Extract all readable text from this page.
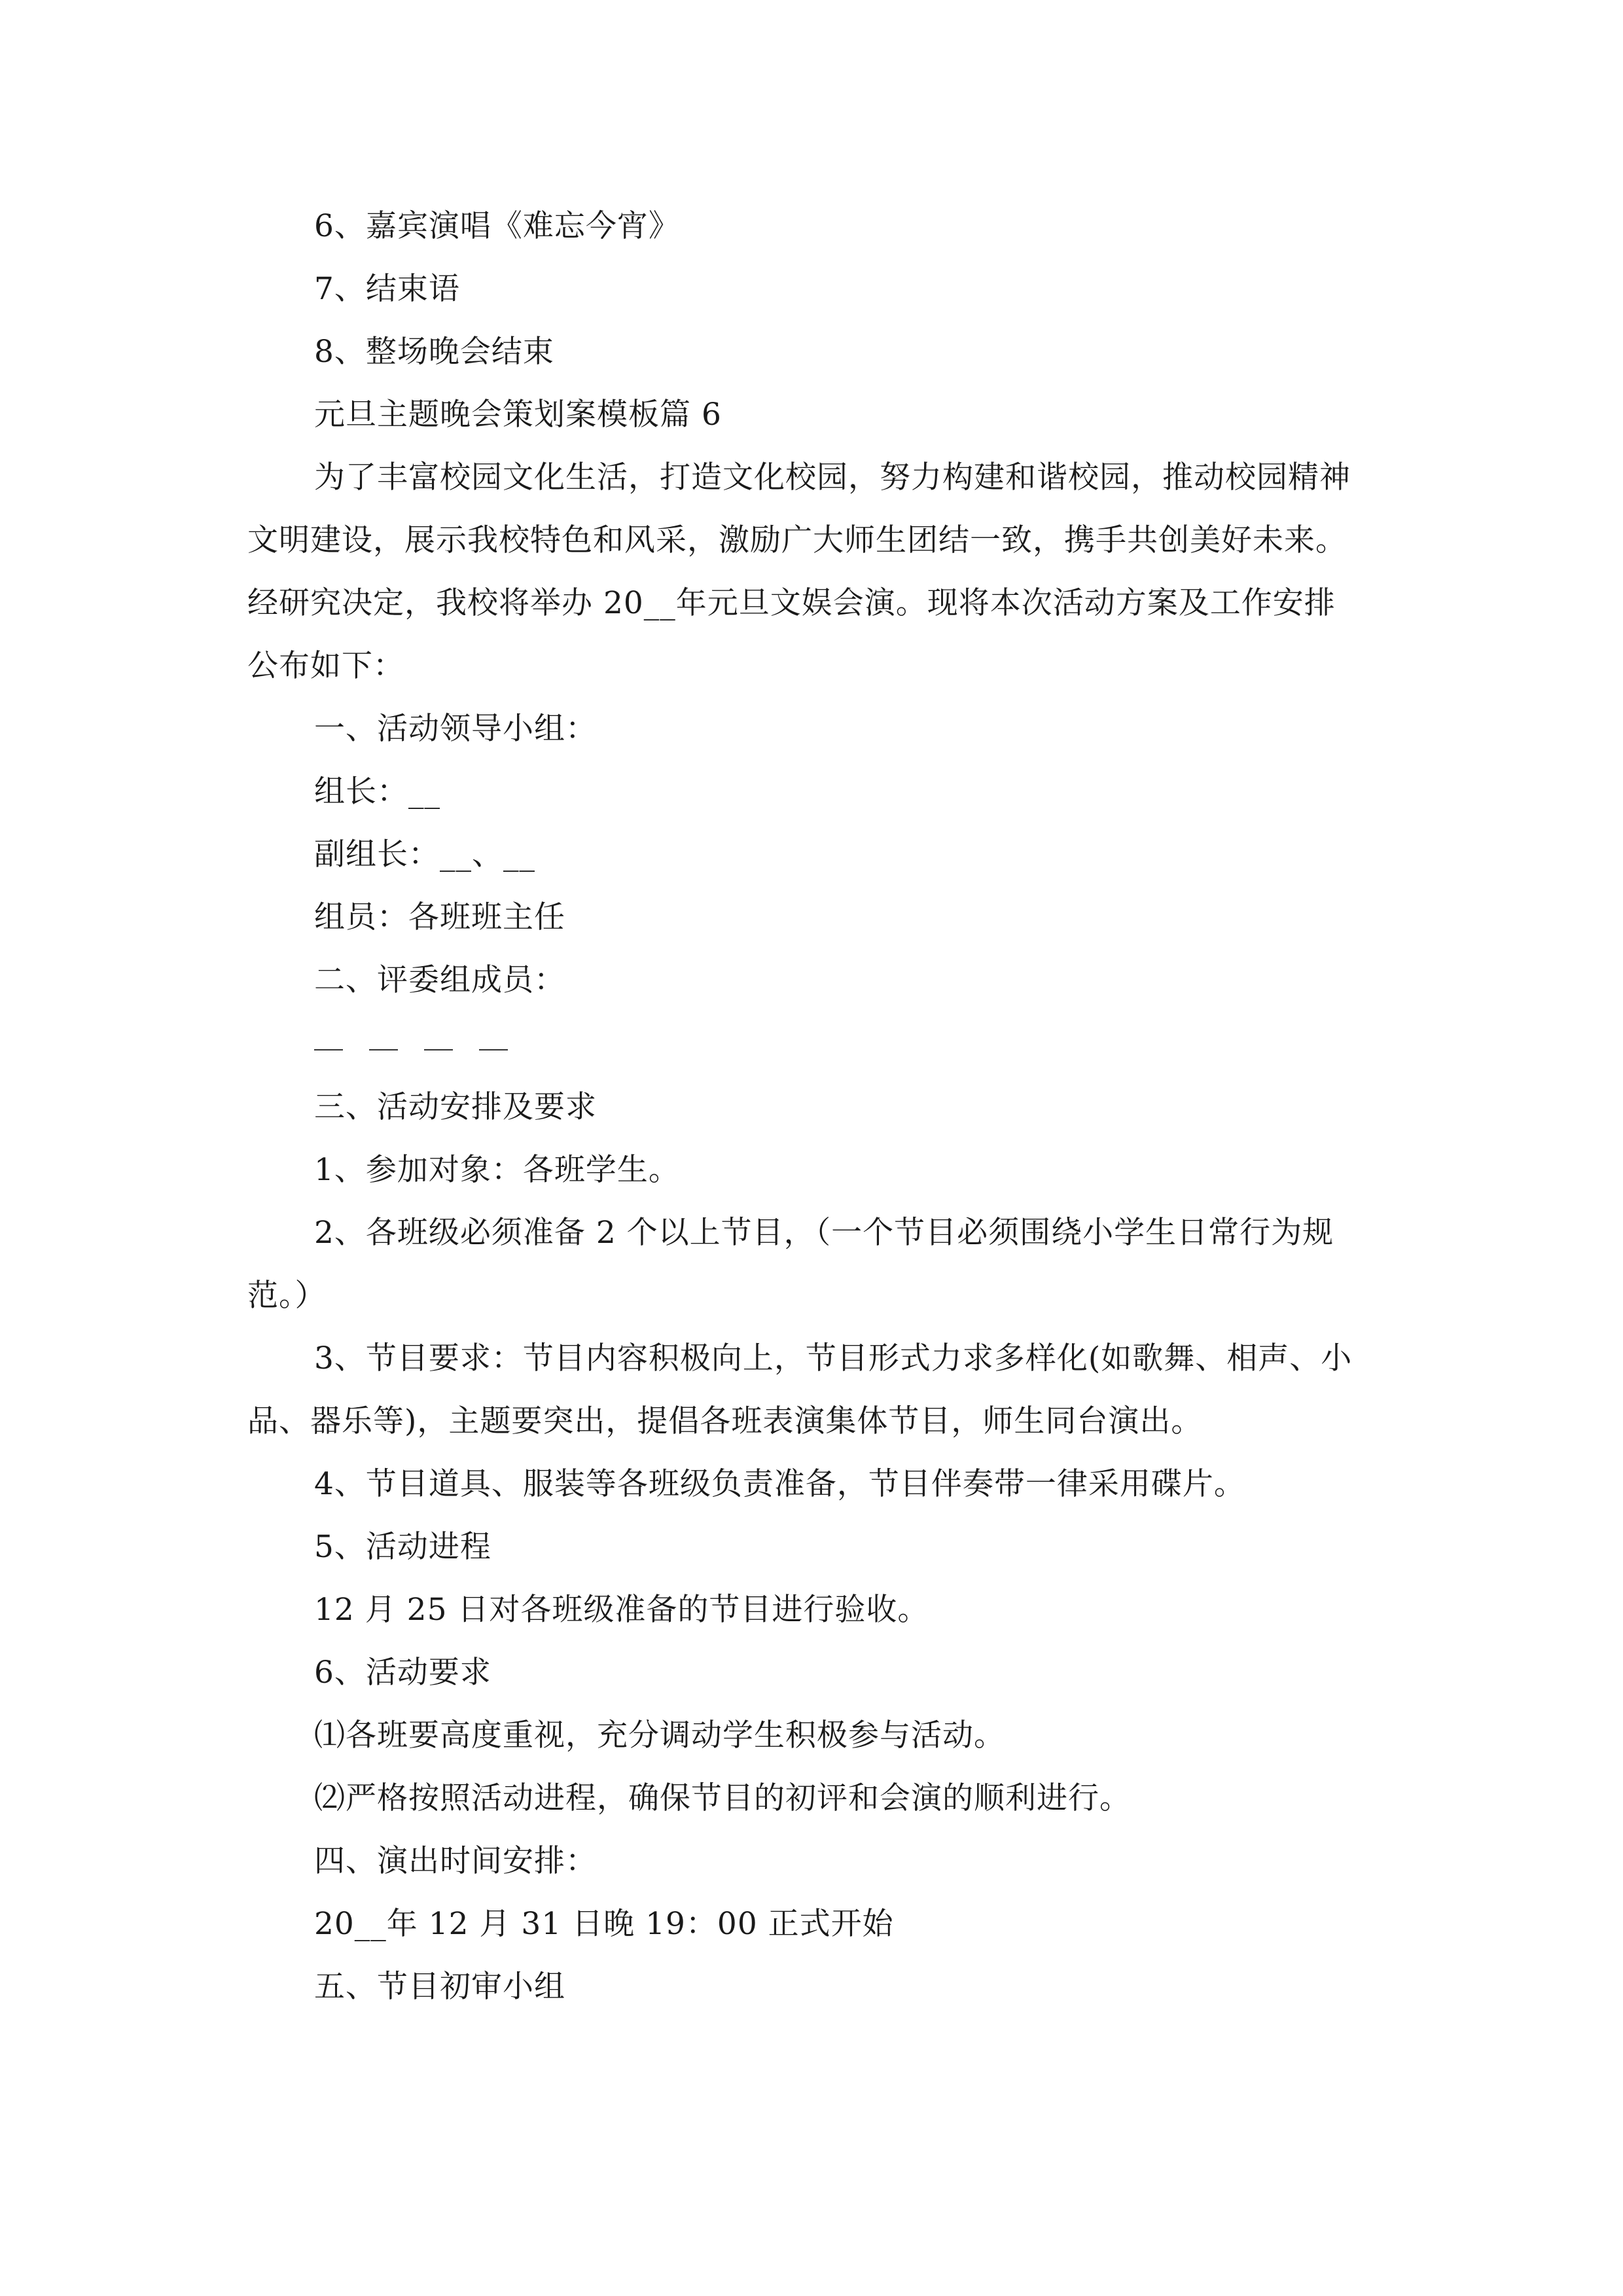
6、嘉宾演唱《难忘今宵》
7、结束语
8、整场晚会结束
元旦主题晚会策划案模板篇 6
为了丰富校园文化生活，打造文化校园，努力构建和谐校园，推动校园精神
文明建设，展示我校特色和风采，激励广大师生团结一致，携手共创美好未来。
经研究决定，我校将举办 20__年元旦文娱会演。现将本次活动方案及工作安排
公布如下：
一、活动领导小组：
组长：__
副组长：__、__
组员：各班班主任
二、评委组成员：
三、活动安排及要求
1、参加对象：各班学生。
2、各班级必须准备 2 个以上节目，（一个节目必须围绕小学生日常行为规
范。）
3、节目要求：节目内容积极向上，节目形式力求多样化(如歌舞、相声、小
品、器乐等)，主题要突出，提倡各班表演集体节目，师生同台演出。
4、节目道具、服装等各班级负责准备，节目伴奏带一律采用碟片。
5、活动进程
12 月 25 日对各班级准备的节目进行验收。
6、活动要求
⑴各班要高度重视，充分调动学生积极参与活动。
⑵严格按照活动进程，确保节目的初评和会演的顺利进行。
四、演出时间安排：
20__年 12 月 31 日晚 19：00 正式开始
五、节目初审小组
